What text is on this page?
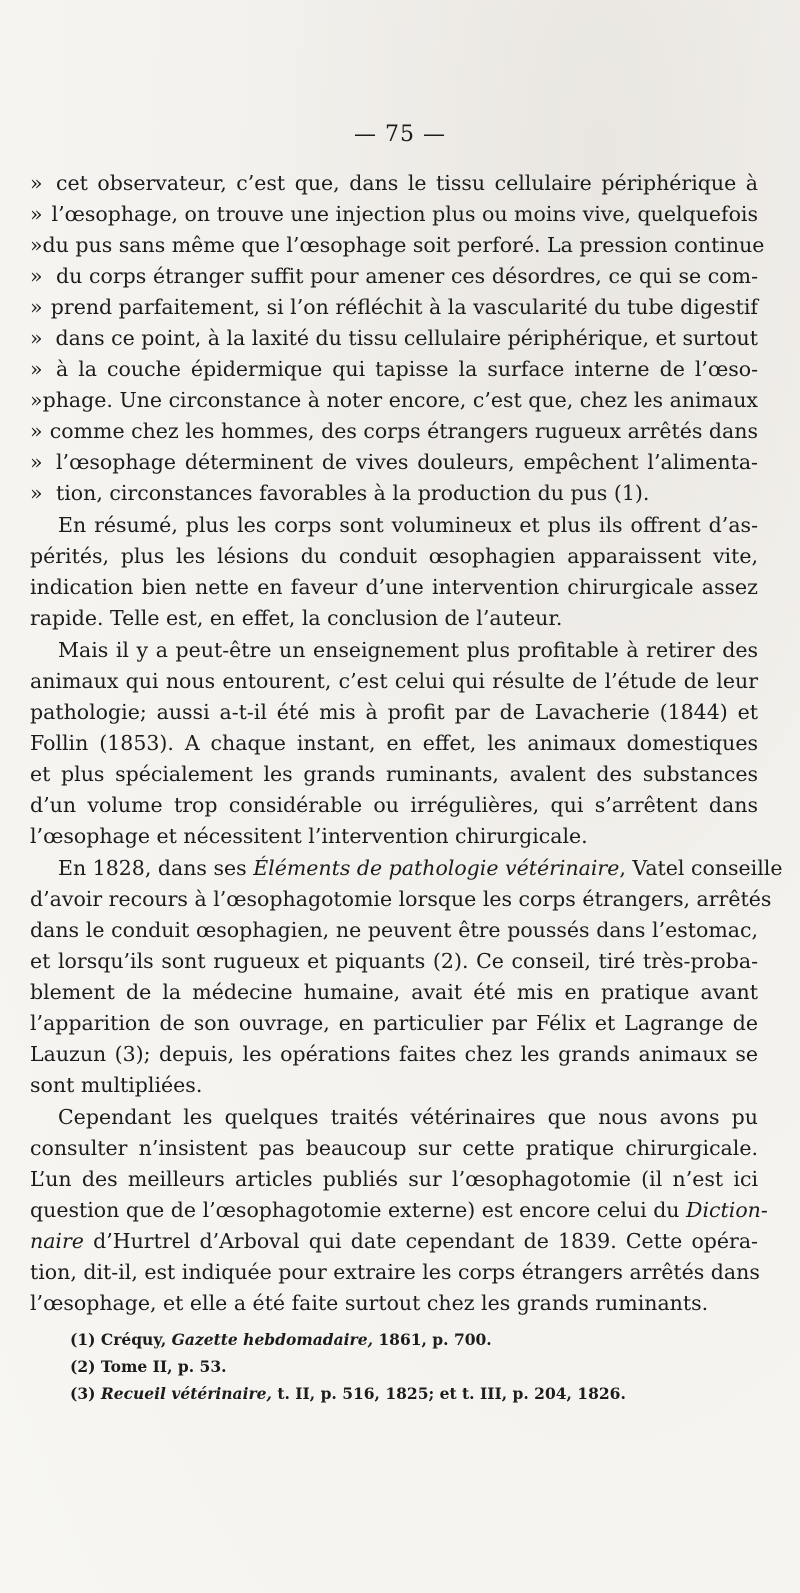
— 75 —
» cet observateur, c’est que, dans le tissu cellulaire périphérique à
» l’œsophage, on trouve une injection plus ou moins vive, quelquefois
» du pus sans même que l’œsophage soit perforé. La pression continue
» du corps étranger suffit pour amener ces désordres, ce qui se com-
» prend parfaitement, si l’on réfléchit à la vascularité du tube digestif
» dans ce point, à la laxité du tissu cellulaire périphérique, et surtout
» à la couche épidermique qui tapisse la surface interne de l’œso-
» phage. Une circonstance à noter encore, c’est que, chez les animaux
» comme chez les hommes, des corps étrangers rugueux arrêtés dans
» l’œsophage déterminent de vives douleurs, empêchent l’alimenta-
» tion, circonstances favorables à la production du pus (1).
En résumé, plus les corps sont volumineux et plus ils offrent d’as-
pérités, plus les lésions du conduit œsophagien apparaissent vite,
indication bien nette en faveur d’une intervention chirurgicale assez
rapide. Telle est, en effet, la conclusion de l’auteur.
Mais il y a peut-être un enseignement plus profitable à retirer des
animaux qui nous entourent, c’est celui qui résulte de l’étude de leur
pathologie; aussi a-t-il été mis à profit par de Lavacherie (1844) et
Follin (1853). A chaque instant, en effet, les animaux domestiques
et plus spécialement les grands ruminants, avalent des substances
d’un volume trop considérable ou irrégulières, qui s’arrêtent dans
l’œsophage et nécessitent l’intervention chirurgicale.
En 1828, dans ses Éléments de pathologie vétérinaire, Vatel conseille
d’avoir recours à l’œsophagotomie lorsque les corps étrangers, arrêtés
dans le conduit œsophagien, ne peuvent être poussés dans l’estomac,
et lorsqu’ils sont rugueux et piquants (2). Ce conseil, tiré très-proba-
blement de la médecine humaine, avait été mis en pratique avant
l’apparition de son ouvrage, en particulier par Félix et Lagrange de
Lauzun (3); depuis, les opérations faites chez les grands animaux se
sont multipliées.
Cependant les quelques traités vétérinaires que nous avons pu
consulter n’insistent pas beaucoup sur cette pratique chirurgicale.
L’un des meilleurs articles publiés sur l’œsophagotomie (il n’est ici
question que de l’œsophagotomie externe) est encore celui du Diction-
naire d’Hurtrel d’Arboval qui date cependant de 1839. Cette opéra-
tion, dit-il, est indiquée pour extraire les corps étrangers arrêtés dans
l’œsophage, et elle a été faite surtout chez les grands ruminants.
(1) Créquy, Gazette hebdomadaire, 1861, p. 700.
(2) Tome II, p. 53.
(3) Recueil vétérinaire, t. II, p. 516, 1825; et t. III, p. 204, 1826.
